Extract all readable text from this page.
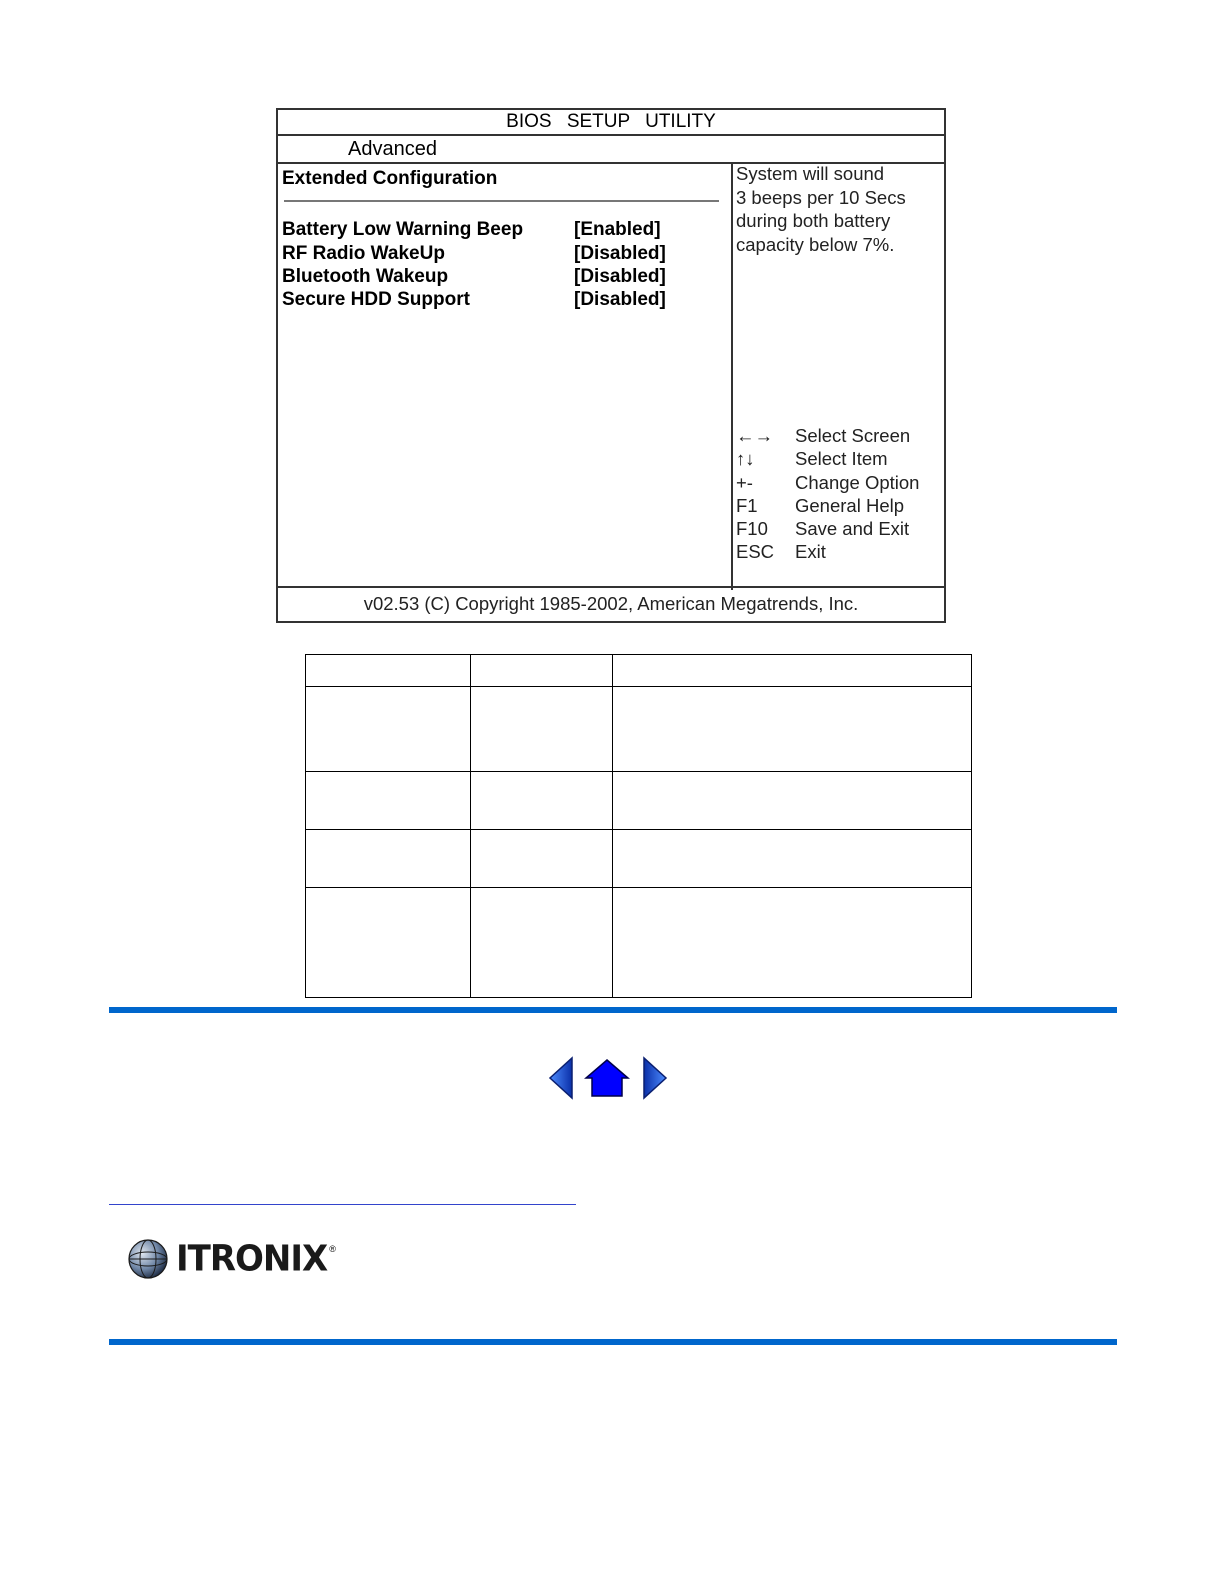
BIOS SETUP UTILITY
Advanced
Extended Configuration
Battery Low Warning Beep	[Enabled]
RF Radio WakeUp	[Disabled]
Bluetooth Wakeup	[Disabled]
Secure HDD Support	[Disabled]
System will sound
3 beeps per 10 Secs
during both battery
capacity below 7%.
←→ Select Screen
↑↓ Select Item
+- Change Option
F1 General Help
F10 Save and Exit
ESC Exit
v02.53 (C) Copyright 1985-2002, American Megatrends, Inc.

ITRONIX ®
